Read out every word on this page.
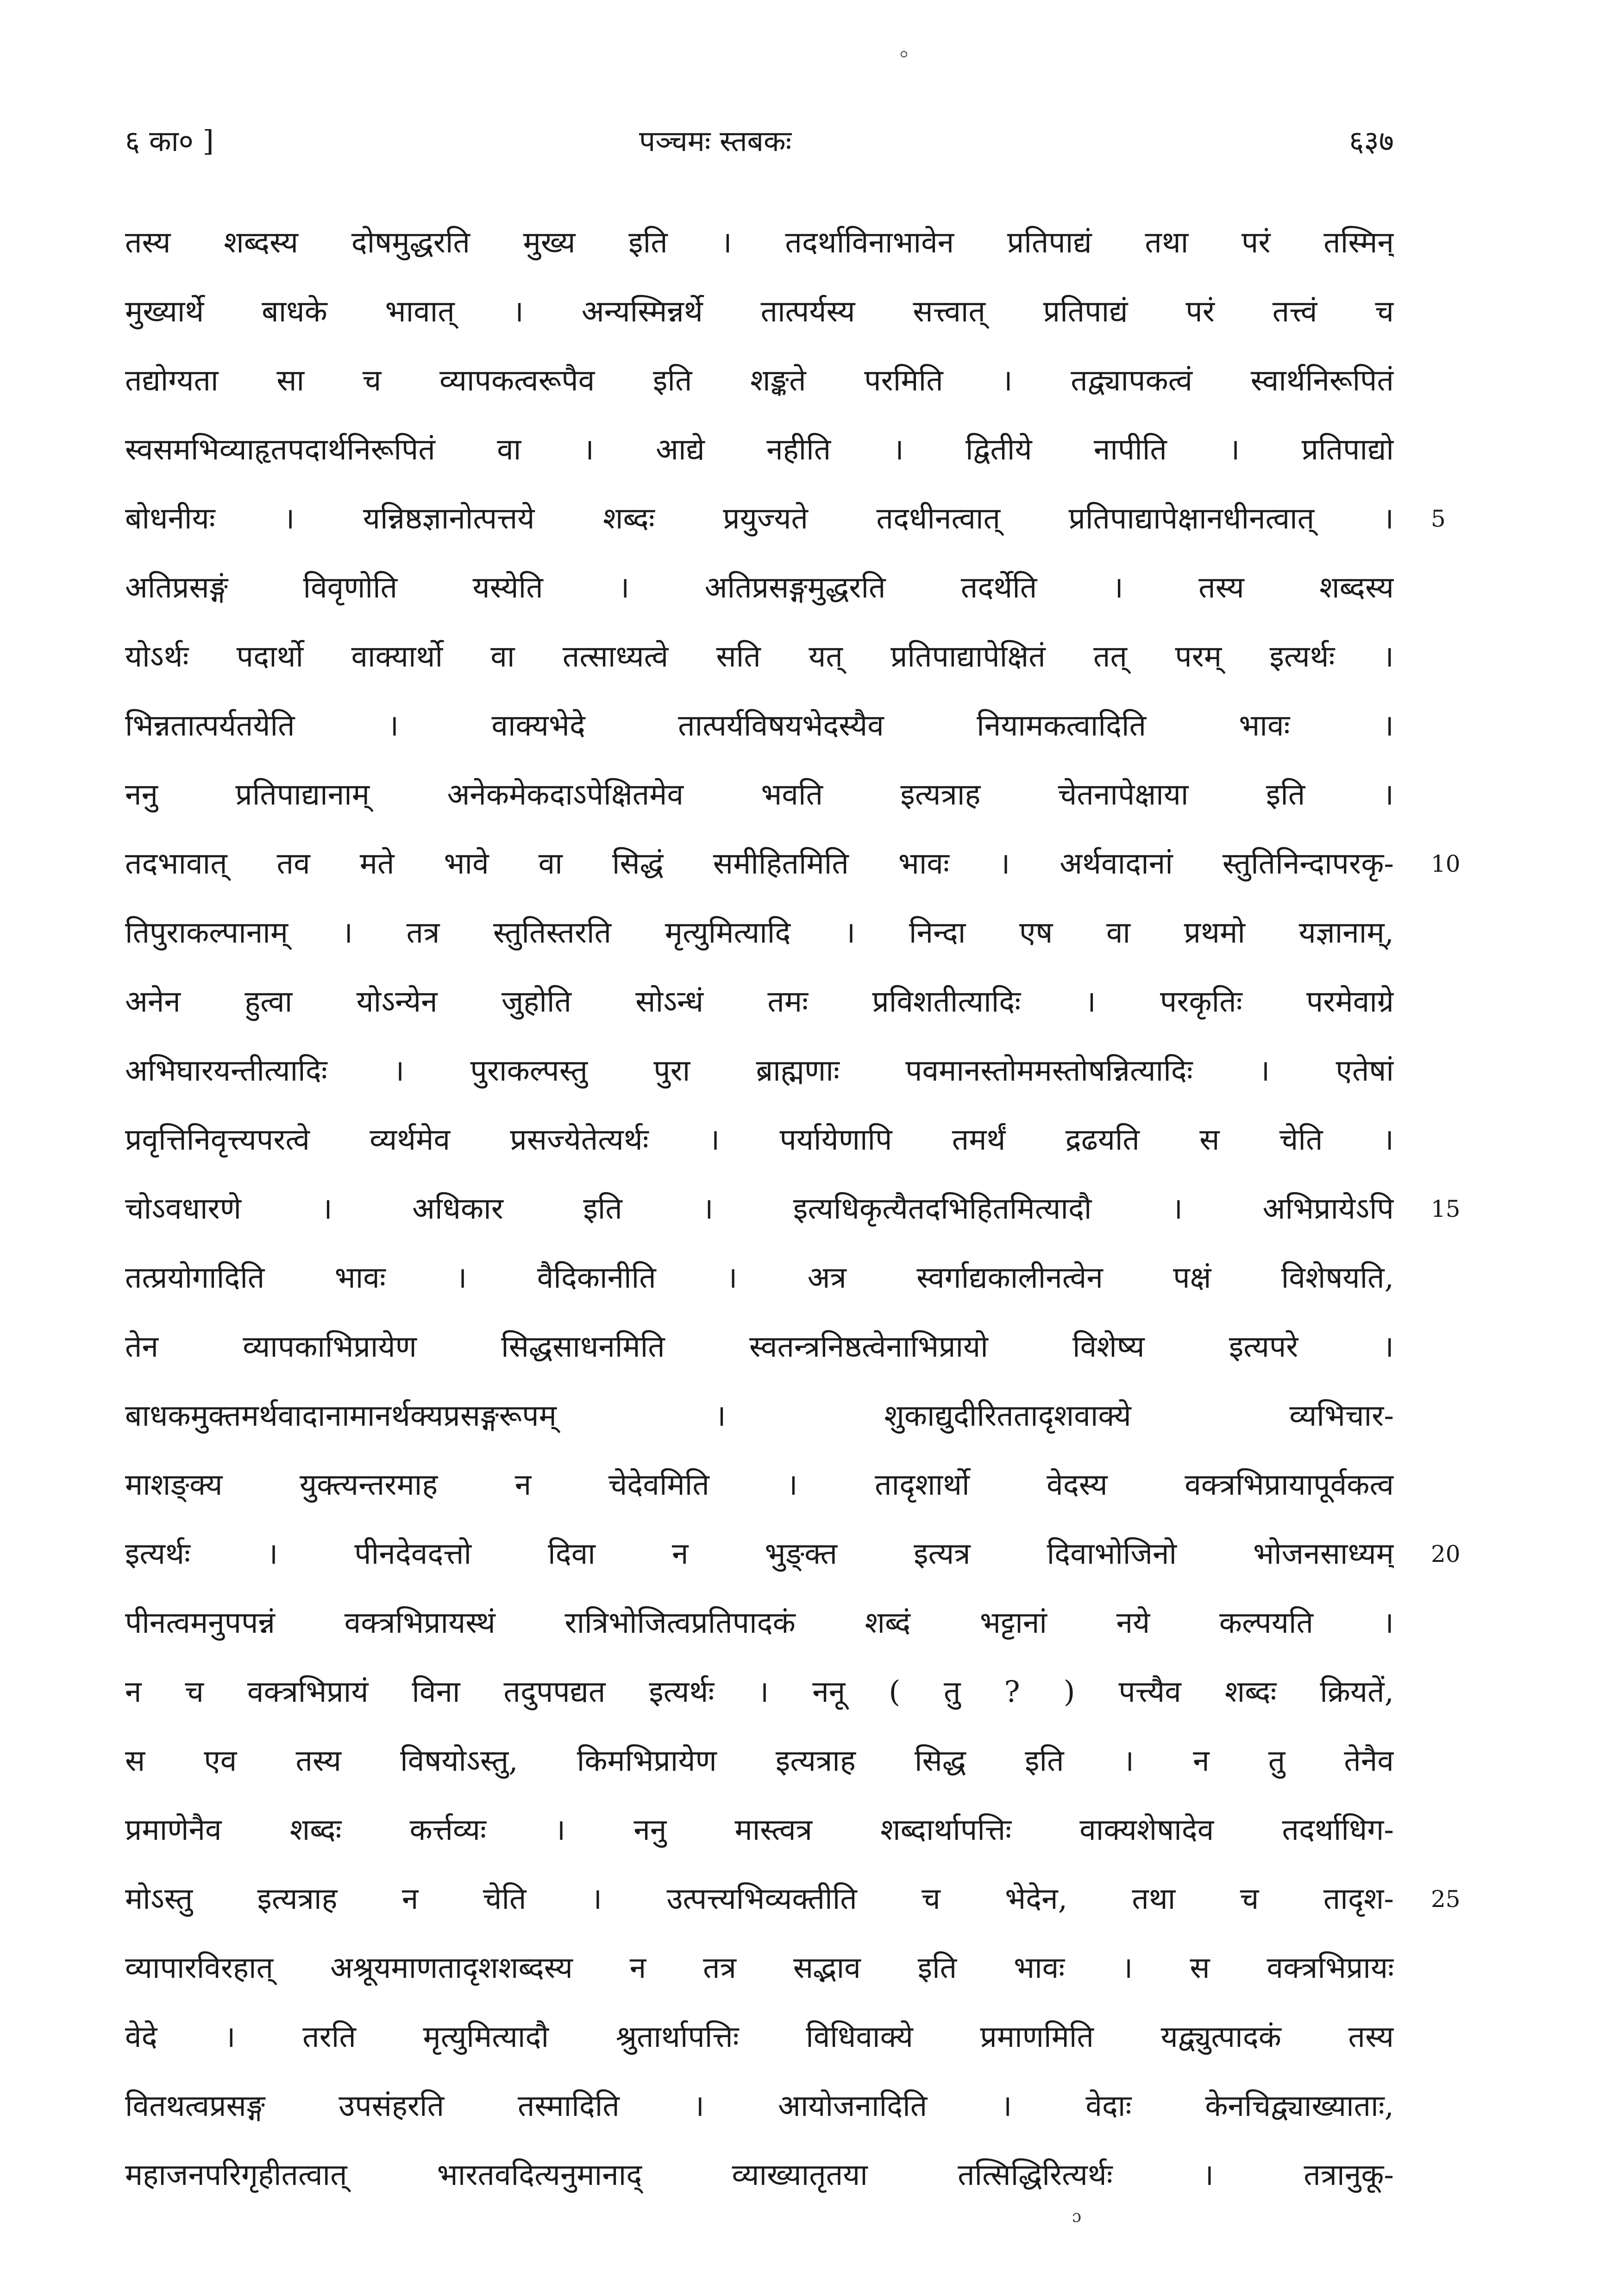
६ का० ]	पञ्चमः स्तबकः	६३७
तस्य शब्दस्य दोषमुद्धरति मुख्य इति । तदर्थाविनाभावेन प्रतिपाद्यं तथा परं तस्मिन्
मुख्यार्थे बाधके भावात् । अन्यस्मिन्नर्थे तात्पर्यस्य सत्त्वात् प्रतिपाद्यं परं तत्त्वं च
तद्योग्यता सा च व्यापकत्वरूपैव इति शङ्कते परमिति । तद्व्यापकत्वं स्वार्थनिरूपितं
स्वसमभिव्याहृतपदार्थनिरूपितं वा । आद्ये नहीति । द्वितीये नापीति । प्रतिपाद्यो
बोधनीयः । यन्निष्ठज्ञानोत्पत्तये शब्दः प्रयुज्यते तदधीनत्वात् प्रतिपाद्यापेक्षानधीनत्वात् ।
अतिप्रसङ्गं विवृणोति यस्येति । अतिप्रसङ्गमुद्धरति तदर्थेति । तस्य शब्दस्य
योऽर्थः पदार्थो वाक्यार्थो वा तत्साध्यत्वे सति यत् प्रतिपाद्यापेक्षितं तत् परम् इत्यर्थः ।
भिन्नतात्पर्यतयेति । वाक्यभेदे तात्पर्यविषयभेदस्यैव नियामकत्वादिति भावः ।
ननु प्रतिपाद्यानाम् अनेकमेकदाऽपेक्षितमेव भवति इत्यत्राह चेतनापेक्षाया इति ।
तदभावात् तव मते भावे वा सिद्धं समीहितमिति भावः । अर्थवादानां स्तुतिनिन्दापरकृ-
तिपुराकल्पानाम् । तत्र स्तुतिस्तरति मृत्युमित्यादि । निन्दा एष वा प्रथमो यज्ञानाम्,
अनेन हुत्वा योऽन्येन जुहोति सोऽन्धं तमः प्रविशतीत्यादिः । परकृतिः परमेवाग्रे
अभिघारयन्तीत्यादिः । पुराकल्पस्तु पुरा ब्राह्मणाः पवमानस्तोममस्तोषन्नित्यादिः । एतेषां
प्रवृत्तिनिवृत्त्यपरत्वे व्यर्थमेव प्रसज्येतेत्यर्थः । पर्यायेणापि तमर्थं द्रढयति स चेति ।
चोऽवधारणे । अधिकार इति । इत्यधिकृत्यैतदभिहितमित्यादौ । अभिप्रायेऽपि
तत्प्रयोगादिति भावः । वैदिकानीति । अत्र स्वर्गाद्यकालीनत्वेन पक्षं विशेषयति,
तेन व्यापकाभिप्रायेण सिद्धसाधनमिति स्वतन्त्रनिष्ठत्वेनाभिप्रायो विशेष्य इत्यपरे ।
बाधकमुक्तमर्थवादानामानर्थक्यप्रसङ्गरूपम् । शुकाद्युदीरिततादृशवाक्ये व्यभिचार-
माशङ्क्य युक्त्यन्तरमाह न चेदेवमिति । तादृशार्थो वेदस्य वक्त्रभिप्रायापूर्वकत्व
इत्यर्थः । पीनदेवदत्तो दिवा न भुङ्क्त इत्यत्र दिवाभोजिनो भोजनसाध्यम्
पीनत्वमनुपपन्नं वक्त्रभिप्रायस्थं रात्रिभोजित्वप्रतिपादकं शब्दं भट्टानां नये कल्पयति ।
न च वक्त्रभिप्रायं विना तदुपपद्यत इत्यर्थः । ननू ( तु ? ) पत्त्यैव शब्दः क्रियतें,
स एव तस्य विषयोऽस्तु, किमभिप्रायेण इत्यत्राह सिद्ध इति । न तु तेनैव
प्रमाणेनैव शब्दः कर्त्तव्यः । ननु मास्त्वत्र शब्दार्थापत्तिः वाक्यशेषादेव तदर्थाधिग-
मोऽस्तु इत्यत्राह न चेति । उत्पत्त्यभिव्यक्तीति च भेदेन, तथा च तादृश-
व्यापारविरहात् अश्रूयमाणतादृशशब्दस्य न तत्र सद्भाव इति भावः । स वक्त्रभिप्रायः
वेदे । तरति मृत्युमित्यादौ श्रुतार्थापत्तिः विधिवाक्ये प्रमाणमिति यद्व्युत्पादकं तस्य
वितथत्वप्रसङ्ग उपसंहरति तस्मादिति । आयोजनादिति । वेदाः केनचिद्व्याख्याताः,
महाजनपरिगृहीतत्वात् भारतवदित्यनुमानाद् व्याख्यातृतया तत्सिद्धिरित्यर्थः । तत्रानुकू-
5
10
15
20
25
ɔ
